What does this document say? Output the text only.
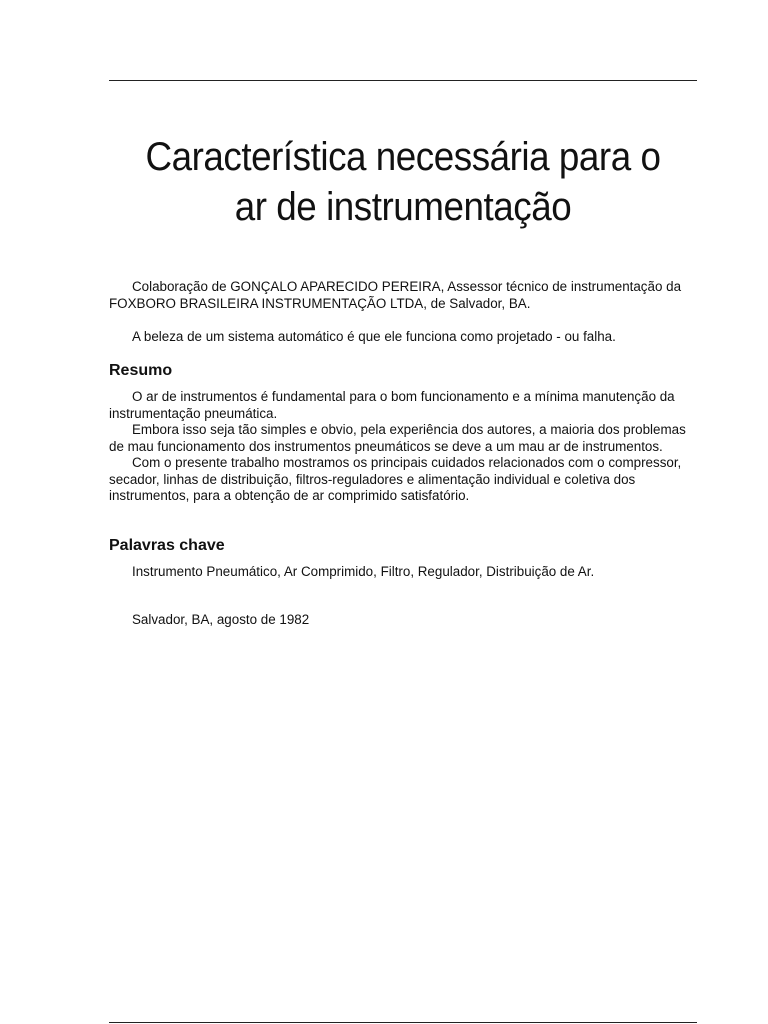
Característica necessária para o
ar de instrumentação

Colaboração de GONÇALO APARECIDO PEREIRA, Assessor técnico de instrumentação da FOXBORO BRASILEIRA INSTRUMENTAÇÃO LTDA, de Salvador, BA.

A beleza de um sistema automático é que ele funciona como projetado - ou falha.

Resumo

O ar de instrumentos é fundamental para o bom funcionamento e a mínima manutenção da instrumentação pneumática.

Embora isso seja tão simples e obvio, pela experiência dos autores, a maioria dos problemas de mau funcionamento dos instrumentos pneumáticos se deve a um mau ar de instrumentos.

Com o presente trabalho mostramos os principais cuidados relacionados com o compressor, secador, linhas de distribuição, filtros-reguladores e alimentação individual e coletiva dos instrumentos, para a obtenção de ar comprimido satisfatório.

Palavras chave

Instrumento Pneumático, Ar Comprimido, Filtro, Regulador, Distribuição de Ar.

Salvador, BA, agosto de 1982
